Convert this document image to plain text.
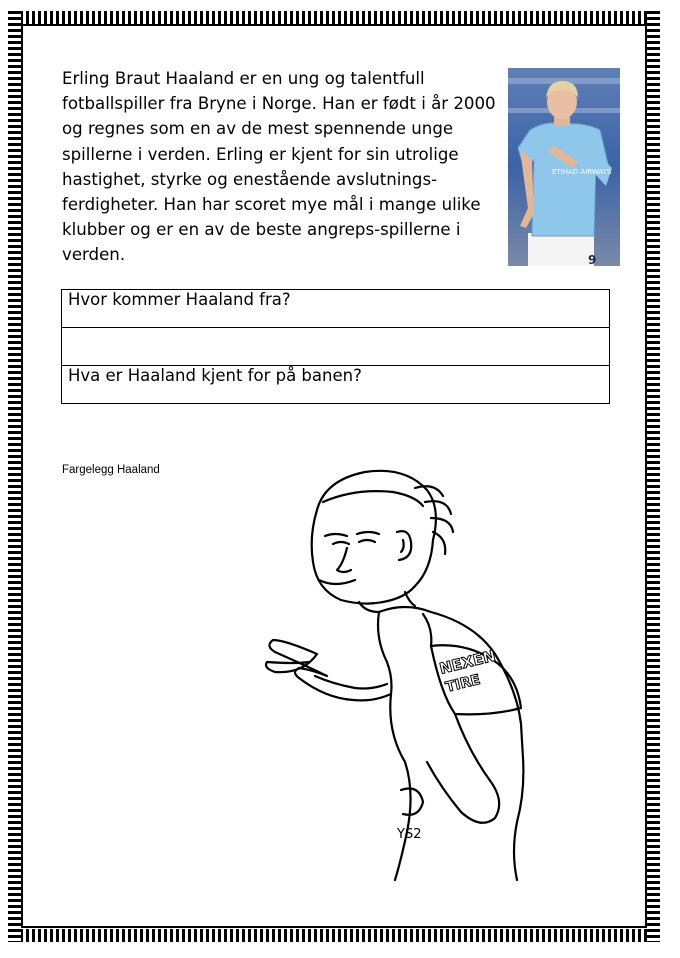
Erling Braut Haaland er en ung og talentfull fotballspiller fra Bryne i Norge. Han er født i år 2000 og regnes som en av de mest spennende unge spillerne i verden. Erling er kjent for sin utrolige hastighet, styrke og enestående avslutnings-ferdigheter. Han har scoret mye mål i mange ulike klubber og er en av de beste angreps-spillerne i verden.	9
ETIHAD AIRWAYS
Hvor kommer Haaland fra?

Hva er Haaland kjent for på banen?
Fargelegg Haaland
NEXEN
TIRE
YS2
